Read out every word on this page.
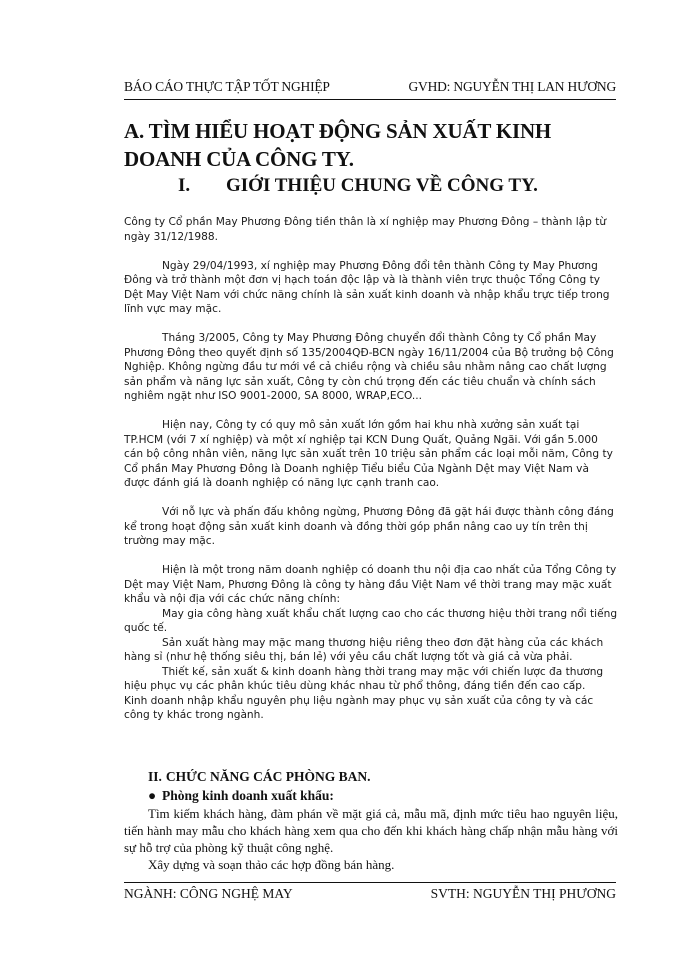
BÁO CÁO THỰC TẬP TỐT NGHIỆP	GVHD: NGUYỄN THỊ LAN HƯƠNG
A. TÌM HIỂU HOẠT ĐỘNG SẢN XUẤT KINH DOANH CỦA CÔNG TY.
I. GIỚI THIỆU CHUNG VỀ CÔNG TY.

Công ty Cổ phần May Phương Đông tiền thân là xí nghiệp may Phương Đông – thành lập từ ngày 31/12/1988.

Ngày 29/04/1993, xí nghiệp may Phương Đông đổi tên thành Công ty May Phương Đông và trở thành một đơn vị hạch toán độc lập và là thành viên trực thuộc Tổng Công ty Dệt May Việt Nam với chức năng chính là sản xuất kinh doanh và nhập khẩu trực tiếp trong lĩnh vực may mặc.

Tháng 3/2005, Công ty May Phương Đông chuyển đổi thành Công ty Cổ phần May Phương Đông theo quyết định số 135/2004QĐ-BCN ngày 16/11/2004 của Bộ trưởng bộ Công Nghiệp. Không ngừng đầu tư mới về cả chiều rộng và chiều sâu nhằm nâng cao chất lượng sản phẩm và năng lực sản xuất, Công ty còn chú trọng đến các tiêu chuẩn và chính sách nghiêm ngặt như ISO 9001-2000, SA 8000, WRAP,ECO...

Hiện nay, Công ty có quy mô sản xuất lớn gồm hai khu nhà xưởng sản xuất tại TP.HCM (với 7 xí nghiệp) và một xí nghiệp tại KCN Dung Quất, Quảng Ngãi. Với gần 5.000 cán bộ công nhân viên, năng lực sản xuất trên 10 triệu sản phẩm các loại mỗi năm, Công ty Cổ phần May Phương Đông là Doanh nghiệp Tiểu biểu Của Ngành Dệt may Việt Nam và được đánh giá là doanh nghiệp có năng lực cạnh tranh cao.

Với nỗ lực và phấn đấu không ngừng, Phương Đông đã gặt hái được thành công đáng kể trong hoạt động sản xuất kinh doanh và đồng thời góp phần nâng cao uy tín trên thị trường may mặc.

Hiện là một trong năm doanh nghiệp có doanh thu nội địa cao nhất của Tổng Công ty Dệt may Việt Nam, Phương Đông là công ty hàng đầu Việt Nam về thời trang may mặc xuất khẩu và nội địa với các chức năng chính:

May gia công hàng xuất khẩu chất lượng cao cho các thương hiệu thời trang nổi tiếng quốc tế.

Sản xuất hàng may mặc mang thương hiệu riêng theo đơn đặt hàng của các khách hàng sỉ (như hệ thống siêu thị, bán lẻ) với yêu cầu chất lượng tốt và giá cả vừa phải.

Thiết kế, sản xuất & kinh doanh hàng thời trang may mặc với chiến lược đa thương hiệu phục vụ các phân khúc tiêu dùng khác nhau từ phổ thông, đáng tiền đến cao cấp.

Kinh doanh nhập khẩu nguyên phụ liệu ngành may phục vụ sản xuất của công ty và các công ty khác trong ngành.

II. CHỨC NĂNG CÁC PHÒNG BAN.
● Phòng kinh doanh xuất khẩu:

Tìm kiếm khách hàng, đàm phán về mặt giá cả, mẫu mã, định mức tiêu hao nguyên liệu, tiến hành may mẫu cho khách hàng xem qua cho đến khi khách hàng chấp nhận mẫu hàng với sự hỗ trợ của phòng kỹ thuật công nghệ.

Xây dựng và soạn thảo các hợp đồng bán hàng.

NGÀNH: CÔNG NGHỆ MAY	SVTH: NGUYỄN THỊ PHƯƠNG
